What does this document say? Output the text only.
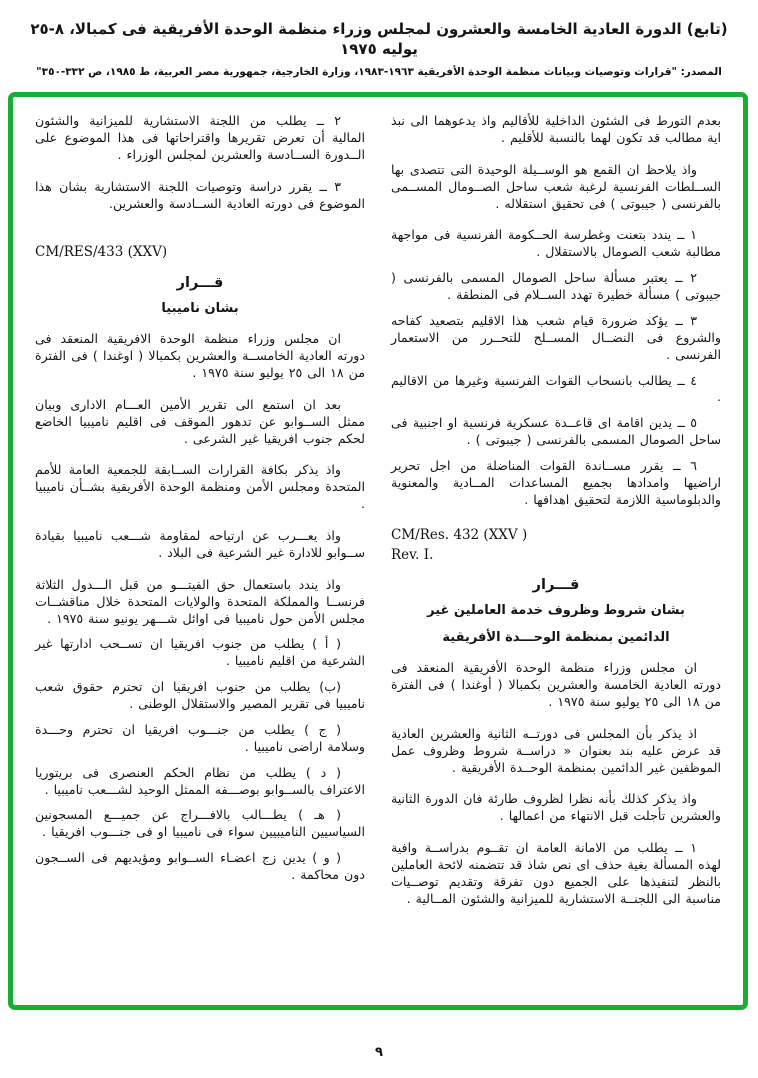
(تابع) الدورة العادية الخامسة والعشرون لمجلس وزراء منظمة الوحدة الأفريقية فى كمبالا، ٨-٢٥ يوليه ١٩٧٥
المصدر: "قرارات وتوصيات وبيانات منظمة الوحدة الأفريقية ١٩٦٣-١٩٨٣، وزارة الخارجية، جمهورية مصر العربية، ط ١٩٨٥، ص ٣٣٢-٣٥٠"

بعدم التورط فى الشئون الداخلية للأقاليم واذ يدعوهما الى نبذ اية مطالب قد تكون لهما بالنسبة للأقليم .

واذ يلاحظ ان القمع هو الوســيلة الوحيدة التى تتصدى بها الســلطات الفرنسية لرغبة شعب ساحل الصــومال المســمى بالفرنسى ( جيبوتى ) فى تحقيق استقلاله .

١ ــ يندد بتعنت وغطرسة الحــكومة الفرنسية فى مواجهة مطالبة شعب الصومال بالاستقلال .

٢ ــ يعتبر مسألة ساحل الصومال المسمى بالفرنسى ( جيبوتى ) مسألة خطيرة تهدد الســلام فى المنطقة .

٣ ــ يؤكد ضرورة قيام شعب هذا الاقليم بتصعيد كفاحه والشروع فى النضــال المســلح للتحــرر من الاستعمار الفرنسى .

٤ ــ يطالب بانسحاب القوات الفرنسية وغيرها من الاقاليم .

٥ ــ يدين اقامة اى قاعــدة عسكرية فرنسية او اجنبية فى ساحل الصومال المسمى بالفرنسى ( جيبوتى ) .

٦ ــ يقرر مســاندة القوات المناضلة من اجل تحرير اراضيها وامدادها بجميع المساعدات المــادية والمعنوية والدبلوماسية اللازمة لتحقيق اهدافها .

CM/Res. 432 (XXV )
Rev. I.
قـــرار
بشان شروط وظروف خدمة العاملين غير
الدائمين بمنظمة الوحـــدة الأفريقية

ان مجلس وزراء منظمة الوحدة الأفريقية المنعقد فى دورته العادية الخامسة والعشرين بكمبالا ( أوغندا ) فى الفترة من ١٨ الى ٢٥ يوليو سنة ١٩٧٥ .

اذ يذكر بأن المجلس فى دورتــه الثانية والعشرين العادية قد عرض عليه بند بعنوان « دراســة شروط وظروف عمل الموظفين غير الدائمين بمنظمة الوحــدة الأفريقية .

واذ يذكر كذلك بأنه نظرا لظروف طارئة فان الدورة الثانية والعشرين تأجلت قبل الانتهاء من اعمالها .

١ ــ يطلب من الامانة العامة ان تقــوم بدراســة وافية لهذه المسألة بغية حذف اى نص شاذ قد تتضمنه لائحة العاملين بالنظر لتنفيذها على الجميع دون تفرقة وتقديم توصــيات مناسبة الى اللجنــة الاستشارية للميزانية والشئون المــالية .

٢ ــ يطلب من اللجنة الاستشارية للميزانية والشئون المالية أن تعرض تقريرها واقتراحاتها فى هذا الموضوع على الــدورة الســادسة والعشرين لمجلس الوزراء .

٣ ــ يقرر دراسة وتوصيات اللجنة الاستشارية بشان هذا الموضوع فى دورته العادية الســادسة والعشرين.

CM/RES/433 (XXV)
قـــرار
بشان ناميبيا

ان مجلس وزراء منظمة الوحدة الافريقية المنعقد فى دورته العادية الخامســة والعشرين بكمبالا ( اوغندا ) فى الفترة من ١٨ الى ٢٥ يوليو سنة ١٩٧٥ .

بعد ان استمع الى تقرير الأمين العـــام الادارى وبيان ممثل الســوابو عن تدهور الموقف فى اقليم ناميبيا الخاضع لحكم جنوب افريقيا غير الشرعى .

واذ يذكر بكافة القرارات الســابقة للجمعية العامة للأمم المتحدة ومجلس الأمن ومنظمة الوحدة الأفريقية بشــأن ناميبيا .

واذ يعـــرب عن ارتياحه لمقاومة شـــعب ناميبيا بقيادة ســوابو للادارة غير الشرعية فى البلاد .

واذ يندد باستعمال حق الفيتـــو من قبل الـــدول الثلاثة فرنســا والمملكة المتحدة والولايات المتحدة خلال مناقشــات مجلس الأمن حول ناميبيا فى اوائل شـــهر يونيو سنة ١٩٧٥ .

( أ ) يطلب من جنوب افريقيا ان تســحب ادارتها غير الشرعية من اقليم ناميبيا .

(ب) يطلب من جنوب افريقيا ان تحترم حقوق شعب ناميبيا فى تقرير المصير والاستقلال الوطنى .

( ج ) يطلب من جنـــوب افريقيا ان تحترم وحـــدة وسلامة اراضى ناميبيا .

( د ) يطلب من نظام الحكم العنصرى فى بريتوريا الاعتراف بالســوابو بوصـــفه الممثل الوحيد لشـــعب ناميبيا .

( هـ ) يطـــالب بالافـــراج عن جميـــع المسجونين السياسيين الناميبيين سواء فى ناميبيا او فى جنـــوب افريقيا .

( و ) يدين زج اعضـاء الســوابو ومؤيديهم فى الســجون دون محاكمة .

٩
